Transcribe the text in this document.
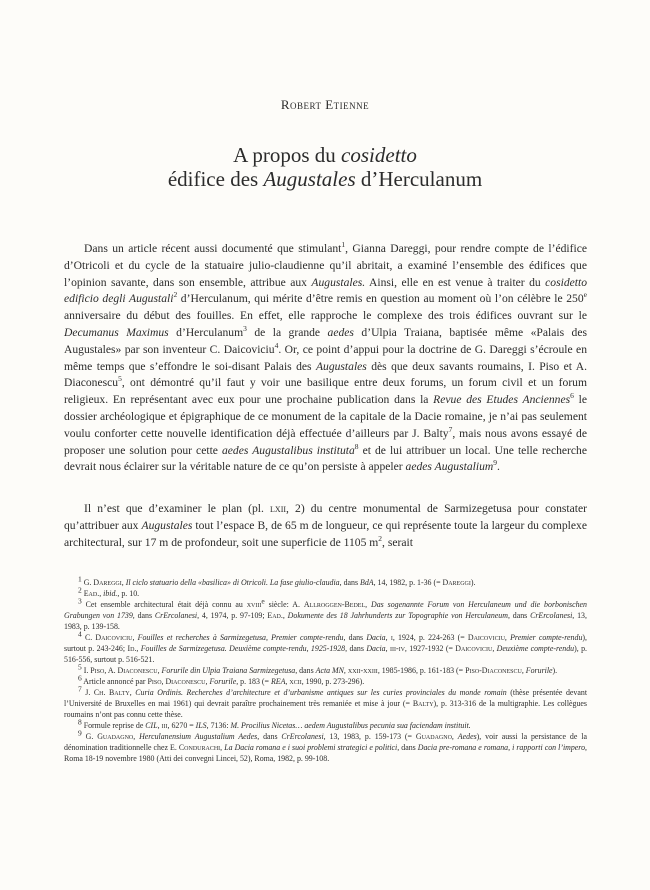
Robert Etienne
A propos du cosidetto
édifice des Augustales d’Herculanum

Dans un article récent aussi documenté que stimulant$^1$, Gianna Dareggi, pour rendre compte de l’édifice d’Otricoli et du cycle de la statuaire julio-claudienne qu’il abritait, a examiné l’ensemble des édifices que l’opinion savante, dans son ensemble, attribue aux Augustales. Ainsi, elle en est venue à traiter du cosidetto edificio degli Augustali$^2$ d’Herculanum, qui mérite d’être remis en question au moment où l’on célèbre le 250e anniversaire du début des fouilles. En effet, elle rapproche le complexe des trois édifices ouvrant sur le Decumanus Maximus d’Herculanum$^3$ de la grande aedes d’Ulpia Traiana, baptisée même «Palais des Augustales» par son inventeur C. Daicoviciu$^4$. Or, ce point d’appui pour la doctrine de G. Dareggi s’écroule en même temps que s’effondre le soi-disant Palais des Augustales dès que deux savants roumains, I. Piso et A. Diaconescu$^5$, ont démontré qu’il faut y voir une basilique entre deux forums, un forum civil et un forum religieux. En représentant avec eux pour une prochaine publication dans la Revue des Etudes Anciennes$^6$ le dossier archéologique et épigraphique de ce monument de la capitale de la Dacie romaine, je n’ai pas seulement voulu conforter cette nouvelle identification déjà effectuée d’ailleurs par J. Balty$^7$, mais nous avons essayé de proposer une solution pour cette aedes Augustalibus instituta$^8$ et de lui attribuer un local. Une telle recherche devrait nous éclairer sur la véritable nature de ce qu’on persiste à appeler aedes Augustalium$^9$.

Il n’est que d’examiner le plan (pl. lxii, 2) du centre monumental de Sarmizegetusa pour constater qu’attribuer aux Augustales tout l’espace B, de 65 m de longueur, ce qui représente toute la largeur du complexe architectural, sur 17 m de profondeur, soit une superficie de 1105 $m^2$, serait

$^1$ G. Dareggi, Il ciclo statuario della «basilica» di Otricoli. La fase giulio-claudia, dans BdA, 14, 1982, p. 1-36 (= Dareggi).

$^2$ Ead., ibid., p. 10.

$^3$ Cet ensemble architectural était déjà connu au xviii$^e$ siècle: A. Allroggen-Bedel, Das sogenannte Forum von Herculaneum und die borbonischen Grabungen von 1739, dans CrErcolanesi, 4, 1974, p. 97-109; Ead., Dokumente des 18 Jahrhunderts zur Topographie von Herculaneum, dans CrErcolanesi, 13, 1983, p. 139-158.

$^4$ C. Daicoviciu, Fouilles et recherches à Sarmizegetusa, Premier compte-rendu, dans Dacia, i, 1924, p. 224-263 (= Daicoviciu, Premier compte-rendu), surtout p. 243-246; Id., Fouilles de Sarmizegetusa. Deuxième compte-rendu, 1925-1928, dans Dacia, iii-iv, 1927-1932 (= Daicoviciu, Deuxième compte-rendu), p. 516-556, surtout p. 516-521.

$^5$ I. Piso, A. Diaconescu, Forurile din Ulpia Traiana Sarmizegetusa, dans Acta MN, xxii-xxiii, 1985-1986, p. 161-183 (= Piso-Diaconescu, Forurile).

$^6$ Article annoncé par Piso, Diaconescu, Forurile, p. 183 (= REA, xcii, 1990, p. 273-296).

$^7$ J. Ch. Balty, Curia Ordinis. Recherches d’architecture et d’urbanisme antiques sur les curies provinciales du monde romain (thèse présentée devant l’Université de Bruxelles en mai 1961) qui devrait paraître prochainement très remaniée et mise à jour (= Balty), p. 313-316 de la multigraphie. Les collègues roumains n’ont pas connu cette thèse.

$^8$ Formule reprise de CIL, iii, 6270 = ILS, 7136: M. Procilius Nicetas… aedem Augustalibus pecunia sua faciendam instituit.

$^9$ G. Guadagno, Herculanensium Augustalium Aedes, dans CrErcolanesi, 13, 1983, p. 159-173 (= Guadagno, Aedes), voir aussi la persistance de la dénomination traditionnelle chez E. Condurachi, La Dacia romana e i suoi problemi strategici e politici, dans Dacia pre-romana e romana, i rapporti con l’impero, Roma 18-19 novembre 1980 (Atti dei convegni Lincei, 52), Roma, 1982, p. 99-108.
